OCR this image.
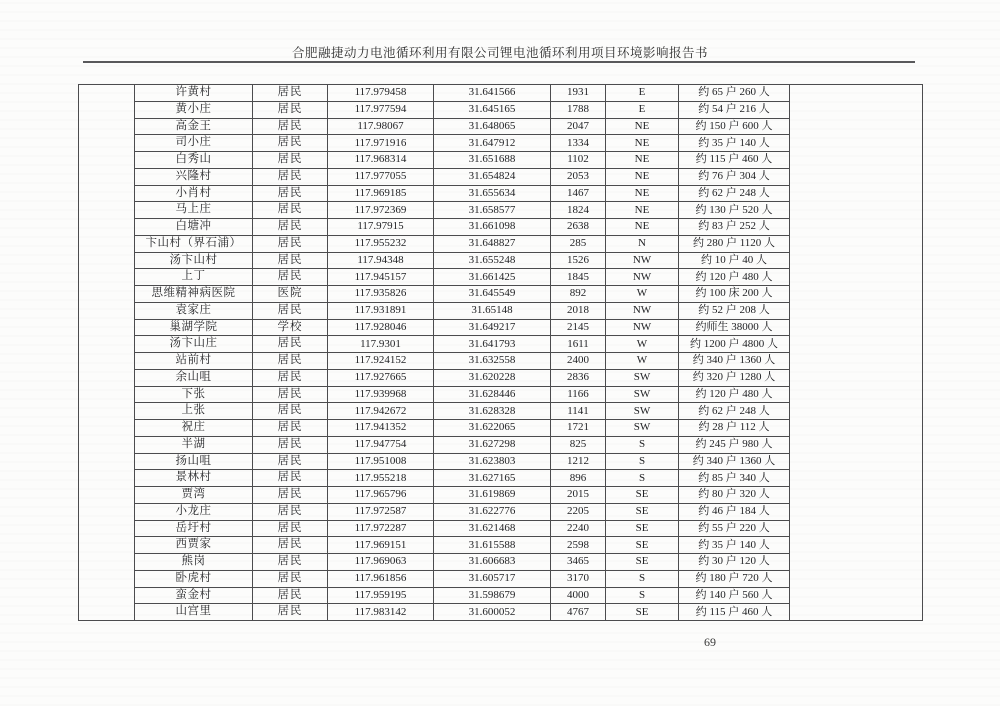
合肥融捷动力电池循环利用有限公司锂电池循环利用项目环境影响报告书
	许黄村	居民	117.979458	31.641566	1931	E	约 65 户 260 人	
	黄小庄	居民	117.977594	31.645165	1788	E	约 54 户 216 人	
	高金王	居民	117.98067	31.648065	2047	NE	约 150 户 600 人	
	司小庄	居民	117.971916	31.647912	1334	NE	约 35 户 140 人	
	白秀山	居民	117.968314	31.651688	1102	NE	约 115 户 460 人	
	兴隆村	居民	117.977055	31.654824	2053	NE	约 76 户 304 人	
	小肖村	居民	117.969185	31.655634	1467	NE	约 62 户 248 人	
	马上庄	居民	117.972369	31.658577	1824	NE	约 130 户 520 人	
	白塘冲	居民	117.97915	31.661098	2638	NE	约 83 户 252 人	
	卞山村（界石浦）	居民	117.955232	31.648827	285	N	约 280 户 1120 人	
	汤卞山村	居民	117.94348	31.655248	1526	NW	约 10 户 40 人	
	上丁	居民	117.945157	31.661425	1845	NW	约 120 户 480 人	
	思维精神病医院	医院	117.935826	31.645549	892	W	约 100 床 200 人	
	袁家庄	居民	117.931891	31.65148	2018	NW	约 52 户 208 人	
	巢湖学院	学校	117.928046	31.649217	2145	NW	约师生 38000 人	
	汤卞山庄	居民	117.9301	31.641793	1611	W	约 1200 户 4800 人	
	站前村	居民	117.924152	31.632558	2400	W	约 340 户 1360 人	
	余山咀	居民	117.927665	31.620228	2836	SW	约 320 户 1280 人	
	下张	居民	117.939968	31.628446	1166	SW	约 120 户 480 人	
	上张	居民	117.942672	31.628328	1141	SW	约 62 户 248 人	
	祝庄	居民	117.941352	31.622065	1721	SW	约 28 户 112 人	
	半湖	居民	117.947754	31.627298	825	S	约 245 户 980 人	
	扬山咀	居民	117.951008	31.623803	1212	S	约 340 户 1360 人	
	景林村	居民	117.955218	31.627165	896	S	约 85 户 340 人	
	贾湾	居民	117.965796	31.619869	2015	SE	约 80 户 320 人	
	小龙庄	居民	117.972587	31.622776	2205	SE	约 46 户 184 人	
	岳圩村	居民	117.972287	31.621468	2240	SE	约 55 户 220 人	
	西贾家	居民	117.969151	31.615588	2598	SE	约 35 户 140 人	
	熊岗	居民	117.969063	31.606683	3465	SE	约 30 户 120 人	
	卧虎村	居民	117.961856	31.605717	3170	S	约 180 户 720 人	
	蛮金村	居民	117.959195	31.598679	4000	S	约 140 户 560 人	
	山宫里	居民	117.983142	31.600052	4767	SE	约 115 户 460 人	
69
